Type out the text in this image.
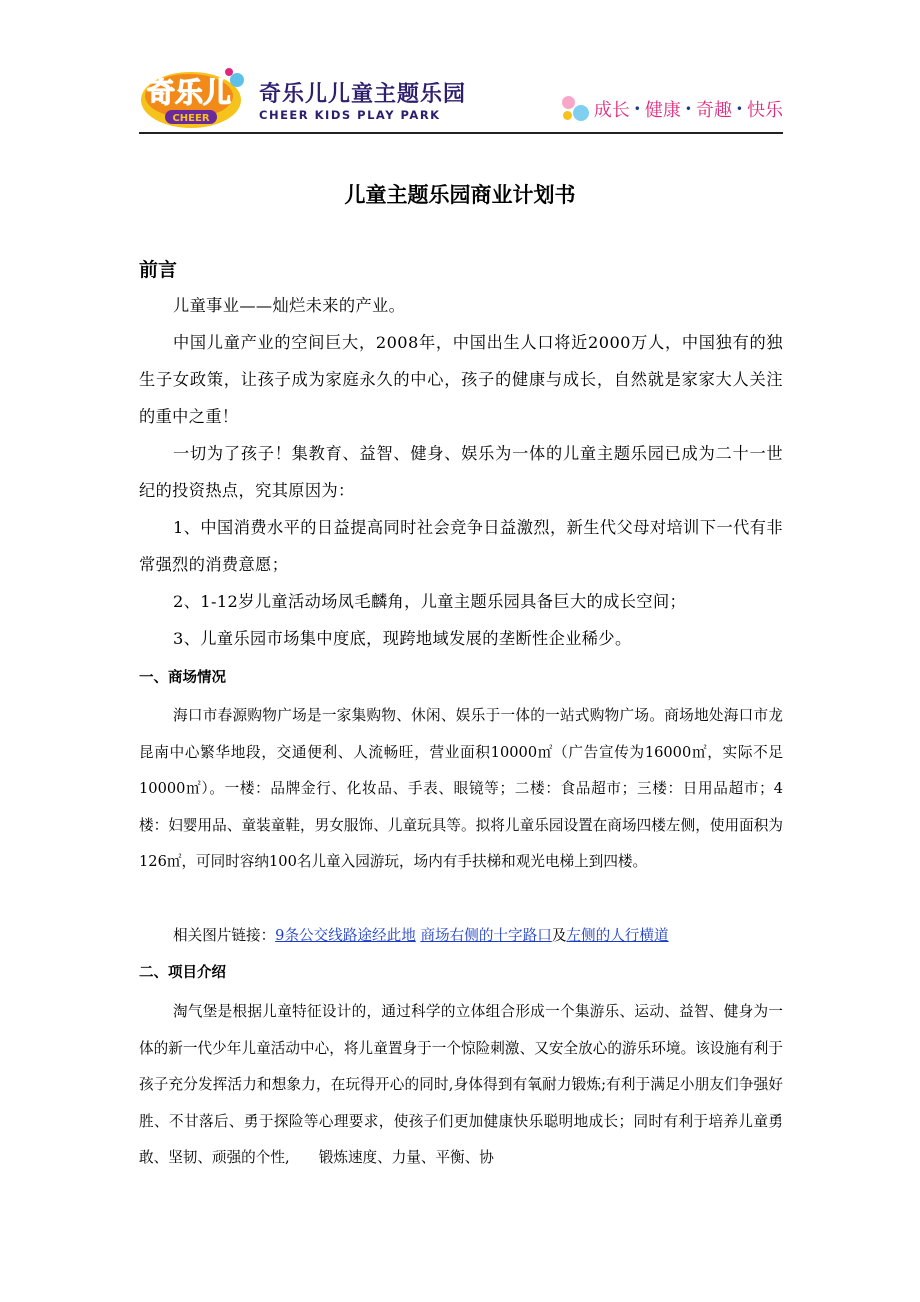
奇乐儿
CHEER
奇乐儿儿童主题乐园
CHEER KIDS PLAY PARK	成长 • 健康 • 奇趣 • 快乐
儿童主题乐园商业计划书
前言

儿童事业——灿烂未来的产业。

中国儿童产业的空间巨大，2008年，中国出生人口将近2000万人，中国独有的独生子女政策，让孩子成为家庭永久的中心，孩子的健康与成长，自然就是家家大人关注的重中之重！

一切为了孩子！集教育、益智、健身、娱乐为一体的儿童主题乐园已成为二十一世纪的投资热点，究其原因为：

1、中国消费水平的日益提高同时社会竞争日益激烈，新生代父母对培训下一代有非常强烈的消费意愿；

2、1-12岁儿童活动场凤毛麟角，儿童主题乐园具备巨大的成长空间；

3、儿童乐园市场集中度底，现跨地域发展的垄断性企业稀少。

一、商场情况

海口市春源购物广场是一家集购物、休闲、娱乐于一体的一站式购物广场。商场地处海口市龙昆南中心繁华地段，交通便利、人流畅旺，营业面积10000㎡（广告宣传为16000㎡，实际不足10000㎡）。一楼：品牌金行、化妆品、手表、眼镜等；二楼：食品超市；三楼：日用品超市；4楼：妇婴用品、童装童鞋，男女服饰、儿童玩具等。拟将儿童乐园设置在商场四楼左侧，使用面积为126㎡，可同时容纳100名儿童入园游玩，场内有手扶梯和观光电梯上到四楼。

相关图片链接：9条公交线路途经此地 商场右侧的十字路口及左侧的人行横道

二、项目介绍

淘气堡是根据儿童特征设计的，通过科学的立体组合形成一个集游乐、运动、益智、健身为一体的新一代少年儿童活动中心，将儿童置身于一个惊险刺激、又安全放心的游乐环境。该设施有利于孩子充分发挥活力和想象力，在玩得开心的同时,身体得到有氧耐力锻炼;有利于满足小朋友们争强好胜、不甘落后、勇于探险等心理要求，使孩子们更加健康快乐聪明地成长；同时有利于培养儿童勇敢、坚韧、顽强的个性,　　锻炼速度、力量、平衡、协
